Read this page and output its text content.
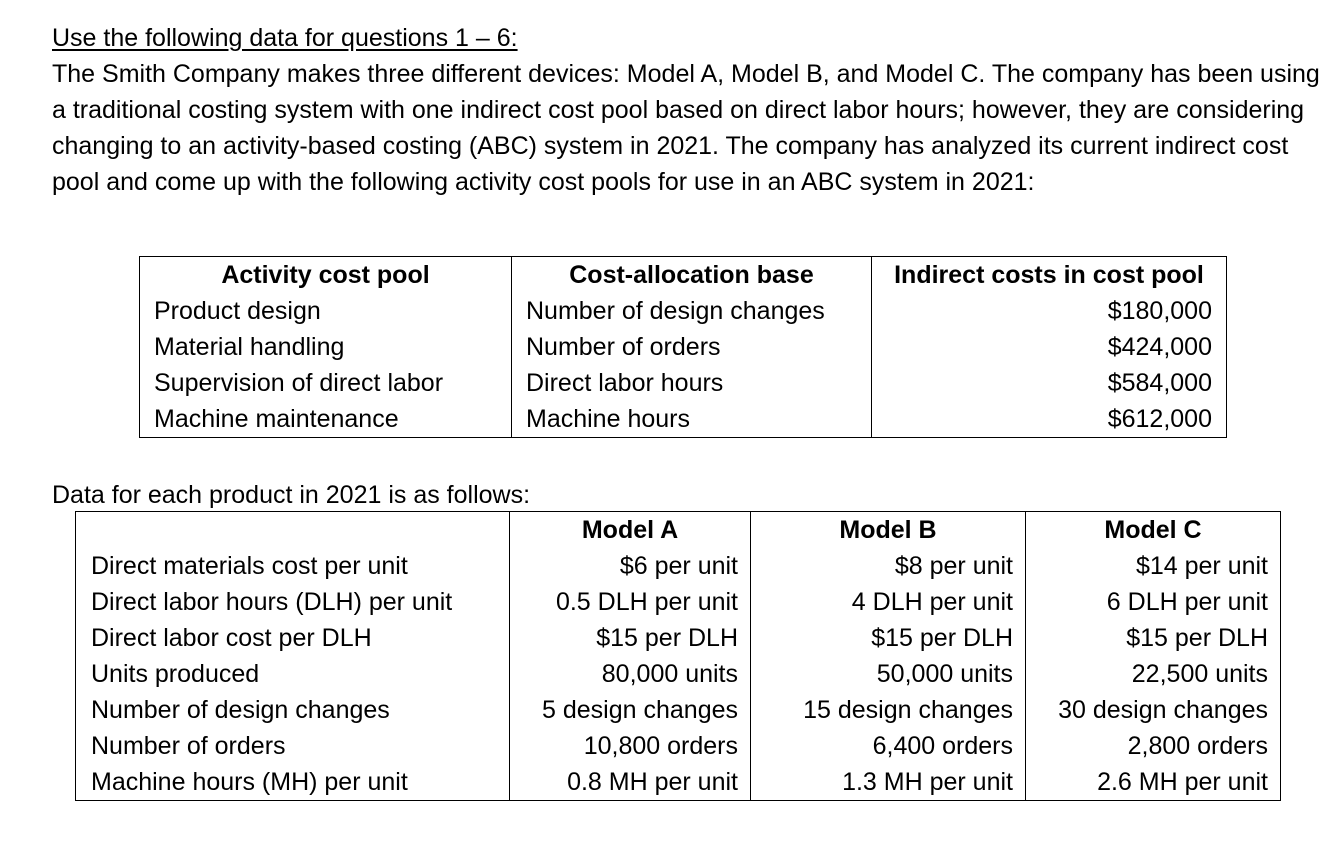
Use the following data for questions 1 – 6:

The Smith Company makes three different devices: Model A, Model B, and Model C. The company has been using a traditional costing system with one indirect cost pool based on direct labor hours; however, they are considering changing to an activity-based costing (ABC) system in 2021. The company has analyzed its current indirect cost pool and come up with the following activity cost pools for use in an ABC system in 2021:

Activity cost pool	Cost-allocation base	Indirect costs in cost pool
Product design	Number of design changes	$180,000
Material handling	Number of orders	$424,000
Supervision of direct labor	Direct labor hours	$584,000
Machine maintenance	Machine hours	$612,000
Data for each product in 2021 is as follows:
	Model A	Model B	Model C
Direct materials cost per unit	$6 per unit	$8 per unit	$14 per unit
Direct labor hours (DLH) per unit	0.5 DLH per unit	4 DLH per unit	6 DLH per unit
Direct labor cost per DLH	$15 per DLH	$15 per DLH	$15 per DLH
Units produced	80,000 units	50,000 units	22,500 units
Number of design changes	5 design changes	15 design changes	30 design changes
Number of orders	10,800 orders	6,400 orders	2,800 orders
Machine hours (MH) per unit	0.8 MH per unit	1.3 MH per unit	2.6 MH per unit
